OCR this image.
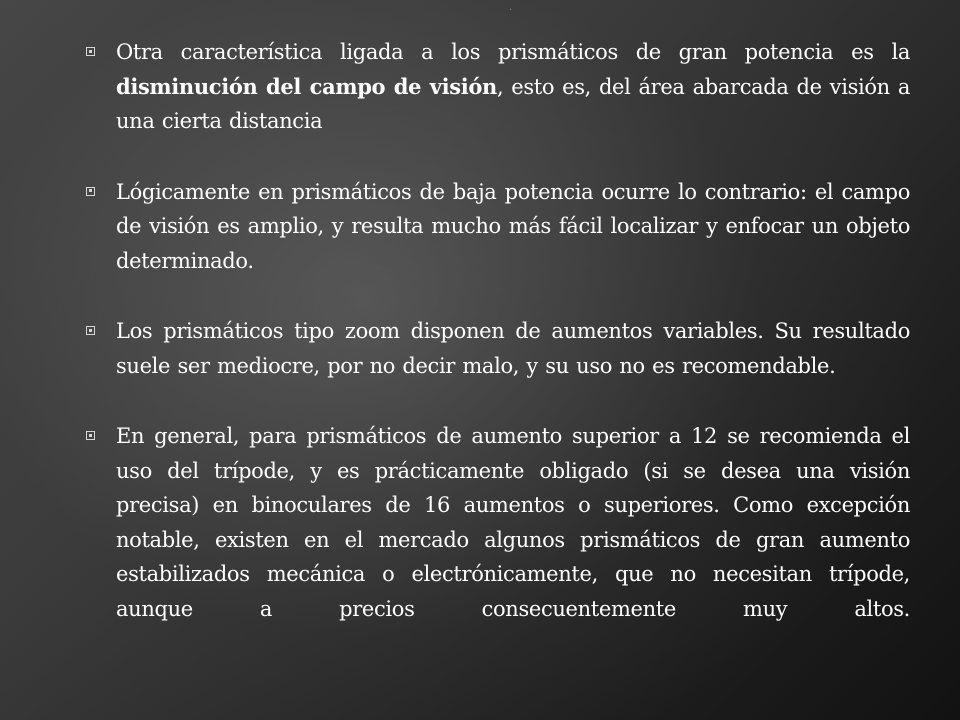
.
Otra característica ligada a los prismáticos de gran potencia es la disminución del campo de visión, esto es, del área abarcada de visión a una cierta distancia
Lógicamente en prismáticos de baja potencia ocurre lo contrario: el campo de visión es amplio, y resulta mucho más fácil localizar y enfocar un objeto determinado.
Los prismáticos tipo zoom disponen de aumentos variables. Su resultado suele ser mediocre, por no decir malo, y su uso no es recomendable.
En general, para prismáticos de aumento superior a 12 se recomienda el uso del trípode, y es prácticamente obligado (si se desea una visión precisa) en binoculares de 16 aumentos o superiores. Como excepción notable, existen en el mercado algunos prismáticos de gran aumento estabilizados mecánica o electrónicamente, que no necesitan trípode, aunque a precios consecuentemente muy altos.
